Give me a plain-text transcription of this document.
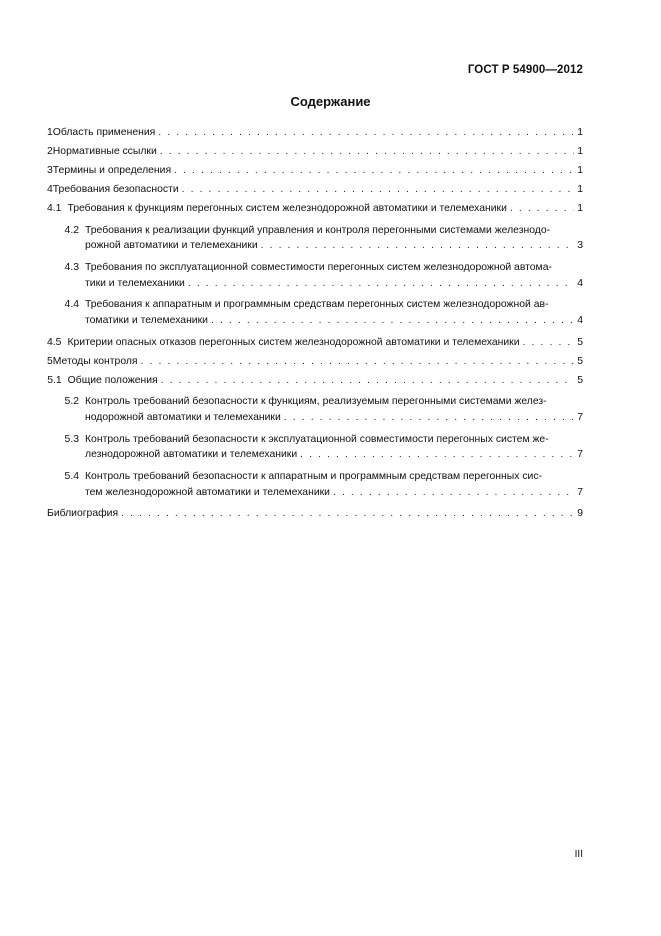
ГОСТ Р 54900—2012
Содержание
1 Область применения . . .	1
2 Нормативные ссылки . . .	1
3 Термины и определения . . .	1
4 Требования безопасности . . .	1
4.1 Требования к функциям перегонных систем железнодорожной автоматики и телемеханики . . .	1
4.2 Требования к реализации функций управления и контроля перегонными системами железнодо-
рожной автоматики и телемеханики . . .	3
4.3 Требования по эксплуатационной совместимости перегонных систем железнодорожной автома-
тики и телемеханики . . .	4
4.4 Требования к аппаратным и программным средствам перегонных систем железнодорожной ав-
томатики и телемеханики . . .	4
4.5 Критерии опасных отказов перегонных систем железнодорожной автоматики и телемеханики . . .	5
5 Методы контроля . . .	5
5.1 Общие положения . . .	5
5.2 Контроль требований безопасности к функциям, реализуемым перегонными системами желез-
нодорожной автоматики и телемеханики . . .	7
5.3 Контроль требований безопасности к эксплуатационной совместимости перегонных систем же-
лезнодорожной автоматики и телемеханики . . .	7
5.4 Контроль требований безопасности к аппаратным и программным средствам перегонных сис-
тем железнодорожной автоматики и телемеханики . . .	7
Библиография . . .	9
III
